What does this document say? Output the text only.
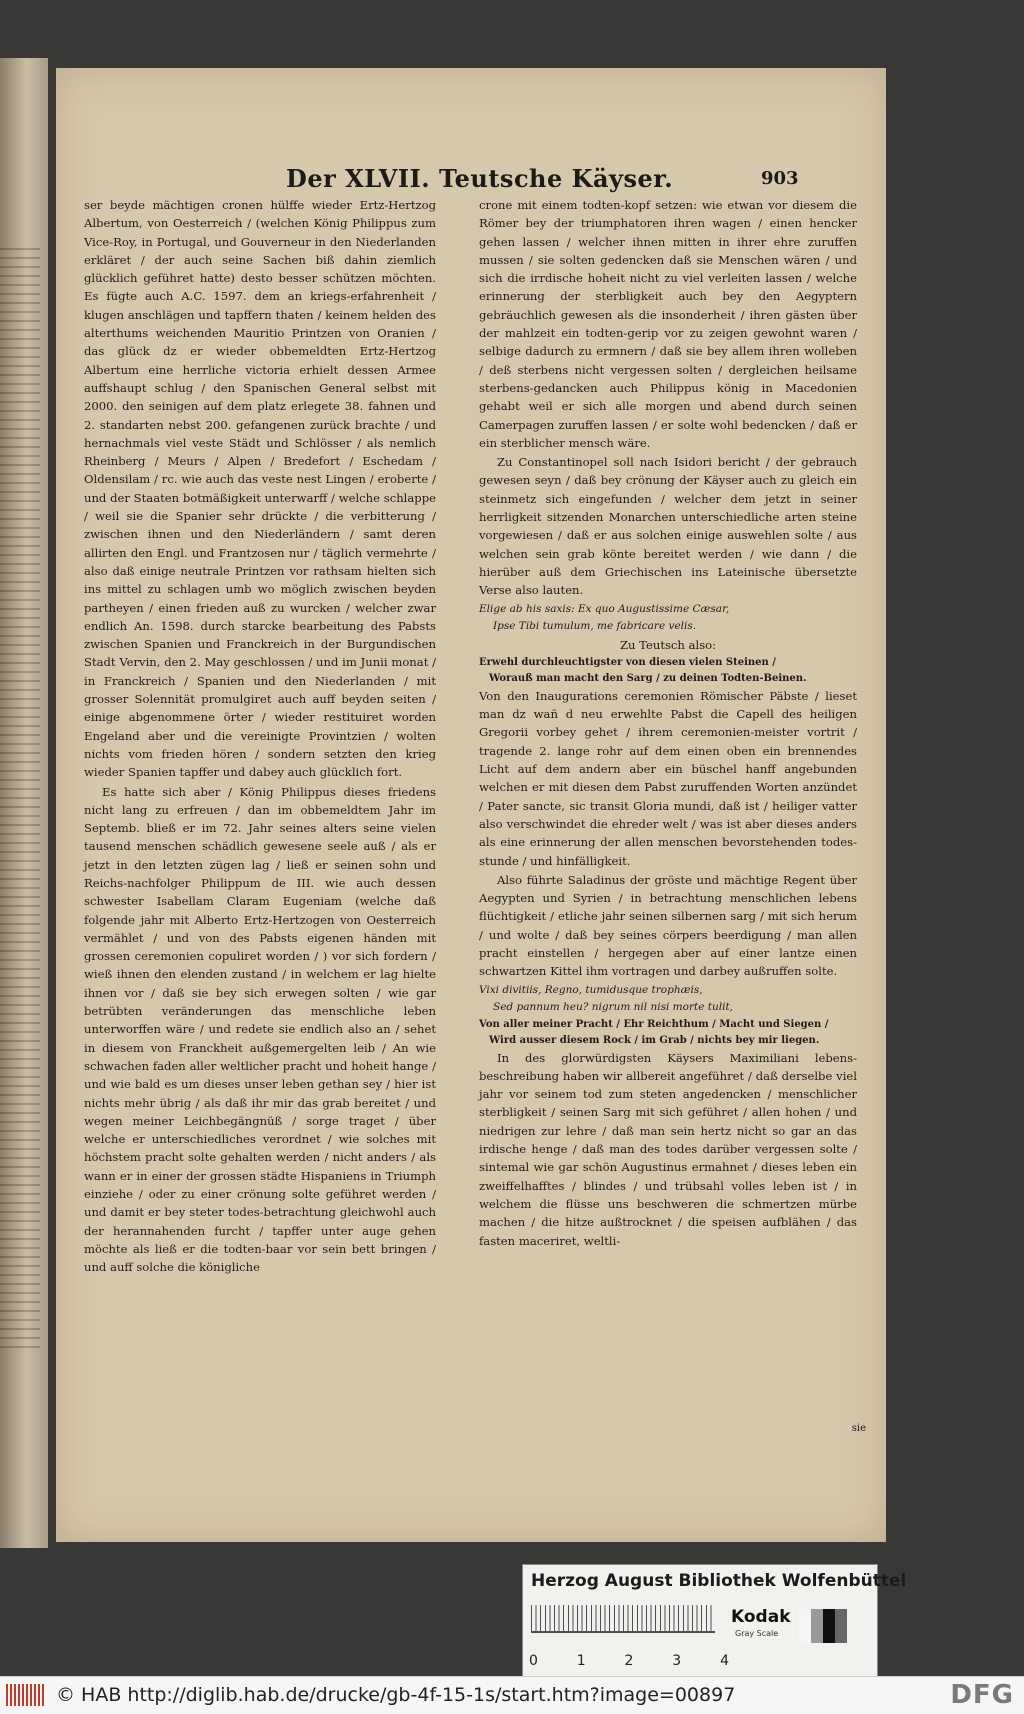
Der XLVII. Teutsche Käyser.	903

ser beyde mächtigen cronen hülffe wieder Ertz-Hertzog Albertum, von Oesterreich / (welchen König Philippus zum Vice-Roy, in Portugal, und Gouverneur in den Niederlanden erkläret / der auch seine Sachen biß dahin ziemlich glücklich geführet hatte) desto besser schützen möchten. Es fügte auch A.C. 1597. dem an kriegs-erfahrenheit / klugen anschlägen und tapffern thaten / keinem helden des alterthums weichenden Mauritio Printzen von Oranien / das glück dz er wieder obbemeldten Ertz-Hertzog Albertum eine herrliche victoria erhielt dessen Armee auffshaupt schlug / den Spanischen General selbst mit 2000. den seinigen auf dem platz erlegete 38. fahnen und 2. standarten nebst 200. gefangenen zurück brachte / und hernachmals viel veste Städt und Schlösser / als nemlich Rheinberg / Meurs / Alpen / Bredefort / Eschedam / Oldensilam / rc. wie auch das veste nest Lingen / eroberte / und der Staaten botmäßigkeit unterwarff / welche schlappe / weil sie die Spanier sehr drückte / die verbitterung / zwischen ihnen und den Niederländern / samt deren allirten den Engl. und Frantzosen nur / täglich vermehrte / also daß einige neutrale Printzen vor rathsam hielten sich ins mittel zu schlagen umb wo möglich zwischen beyden partheyen / einen frieden auß zu wurcken / welcher zwar endlich An. 1598. durch starcke bearbeitung des Pabsts zwischen Spanien und Franckreich in der Burgundischen Stadt Vervin, den 2. May geschlossen / und im Junii monat / in Franckreich / Spanien und den Niederlanden / mit grosser Solennität promulgiret auch auff beyden seiten / einige abgenommene örter / wieder restituiret worden Engeland aber und die vereinigte Provintzien / wolten nichts vom frieden hören / sondern setzten den krieg wieder Spanien tapffer und dabey auch glücklich fort.

Es hatte sich aber / König Philippus dieses friedens nicht lang zu erfreuen / dan im obbemeldtem Jahr im Septemb. bließ er im 72. Jahr seines alters seine vielen tausend menschen schädlich gewesene seele auß / als er jetzt in den letzten zügen lag / ließ er seinen sohn und Reichs-nachfolger Philippum de III. wie auch dessen schwester Isabellam Claram Eugeniam (welche daß folgende jahr mit Alberto Ertz-Hertzogen von Oesterreich vermählet / und von des Pabsts eigenen händen mit grossen ceremonien copuliret worden / ) vor sich fordern / wieß ihnen den elenden zustand / in welchem er lag hielte ihnen vor / daß sie bey sich erwegen solten / wie gar betrübten veränderungen das menschliche leben unterworffen wäre / und redete sie endlich also an / sehet in diesem von Franckheit außgemergelten leib / An wie schwachen faden aller weltlicher pracht und hoheit hange / und wie bald es um dieses unser leben gethan sey / hier ist nichts mehr übrig / als daß ihr mir das grab bereitet / und wegen meiner Leichbegängnüß / sorge traget / über welche er unterschiedliches verordnet / wie solches mit höchstem pracht solte gehalten werden / nicht anders / als wann er in einer der grossen städte Hispaniens in Triumph einziehe / oder zu einer crönung solte geführet werden / und damit er bey steter todes-betrachtung gleichwohl auch der herannahenden furcht / tapffer unter auge gehen möchte als ließ er die todten-baar vor sein bett bringen / und auff solche die königliche

crone mit einem todten-kopf setzen: wie etwan vor diesem die Römer bey der triumphatoren ihren wagen / einen hencker gehen lassen / welcher ihnen mitten in ihrer ehre zuruffen mussen / sie solten gedencken daß sie Menschen wären / und sich die irrdische hoheit nicht zu viel verleiten lassen / welche erinnerung der sterbligkeit auch bey den Aegyptern gebräuchlich gewesen als die insonderheit / ihren gästen über der mahlzeit ein todten-gerip vor zu zeigen gewohnt waren / selbige dadurch zu ermnern / daß sie bey allem ihren wolleben / deß sterbens nicht vergessen solten / dergleichen heilsame sterbens-gedancken auch Philippus könig in Macedonien gehabt weil er sich alle morgen und abend durch seinen Camerpagen zuruffen lassen / er solte wohl bedencken / daß er ein sterblicher mensch wäre.

Zu Constantinopel soll nach Isidori bericht / der gebrauch gewesen seyn / daß bey crönung der Käyser auch zu gleich ein steinmetz sich eingefunden / welcher dem jetzt in seiner herrligkeit sitzenden Monarchen unterschiedliche arten steine vorgewiesen / daß er aus solchen einige auswehlen solte / aus welchen sein grab könte bereitet werden / wie dann / die hierüber auß dem Griechischen ins Lateinische übersetzte Verse also lauten.

Elige ab his saxis: Ex quo Augustissime Cæsar,

Ipse Tibi tumulum, me fabricare velis.

Zu Teutsch also:

Erwehl durchleuchtigster von diesen vielen Steinen /

Worauß man macht den Sarg / zu deinen Todten-Beinen.

Von den Inaugurations ceremonien Römischer Päbste / lieset man dz wañ d neu erwehlte Pabst die Capell des heiligen Gregorii vorbey gehet / ihrem ceremonien-meister vortrit / tragende 2. lange rohr auf dem einen oben ein brennendes Licht auf dem andern aber ein büschel hanff angebunden welchen er mit diesen dem Pabst zuruffenden Worten anzündet / Pater sancte, sic transit Gloria mundi, daß ist / heiliger vatter also verschwindet die ehreder welt / was ist aber dieses anders als eine erinnerung der allen menschen bevorstehenden todes-stunde / und hinfälligkeit.

Also führte Saladinus der gröste und mächtige Regent über Aegypten und Syrien / in betrachtung menschlichen lebens flüchtigkeit / etliche jahr seinen silbernen sarg / mit sich herum / und wolte / daß bey seines cörpers beerdigung / man allen pracht einstellen / hergegen aber auf einer lantze einen schwartzen Kittel ihm vortragen und darbey außruffen solte.

Vixi divitiis, Regno, tumidusque trophæis,

Sed pannum heu? nigrum nil nisi morte tulit,

Von aller meiner Pracht / Ehr Reichthum / Macht und Siegen /

Wird ausser diesem Rock / im Grab / nichts bey mir liegen.

In des glorwürdigsten Käysers Maximiliani lebens-beschreibung haben wir allbereit angeführet / daß derselbe viel jahr vor seinem tod zum steten angedencken / menschlicher sterbligkeit / seinen Sarg mit sich geführet / allen hohen / und niedrigen zur lehre / daß man sein hertz nicht so gar an das irdische henge / daß man des todes darüber vergessen solte / sintemal wie gar schön Augustinus ermahnet / dieses leben ein zweiffelhafftes / blindes / und trübsahl volles leben ist / in welchem die flüsse uns beschweren die schmertzen mürbe machen / die hitze außtrocknet / die speisen aufblähen / das fasten maceriret, weltli-

sie
Herzog August Bibliothek Wolfenbüttel
0	1	2	3	4
Kodak
Gray Scale
© HAB http://diglib.hab.de/drucke/gb-4f-15-1s/start.htm?image=00897	DFG
